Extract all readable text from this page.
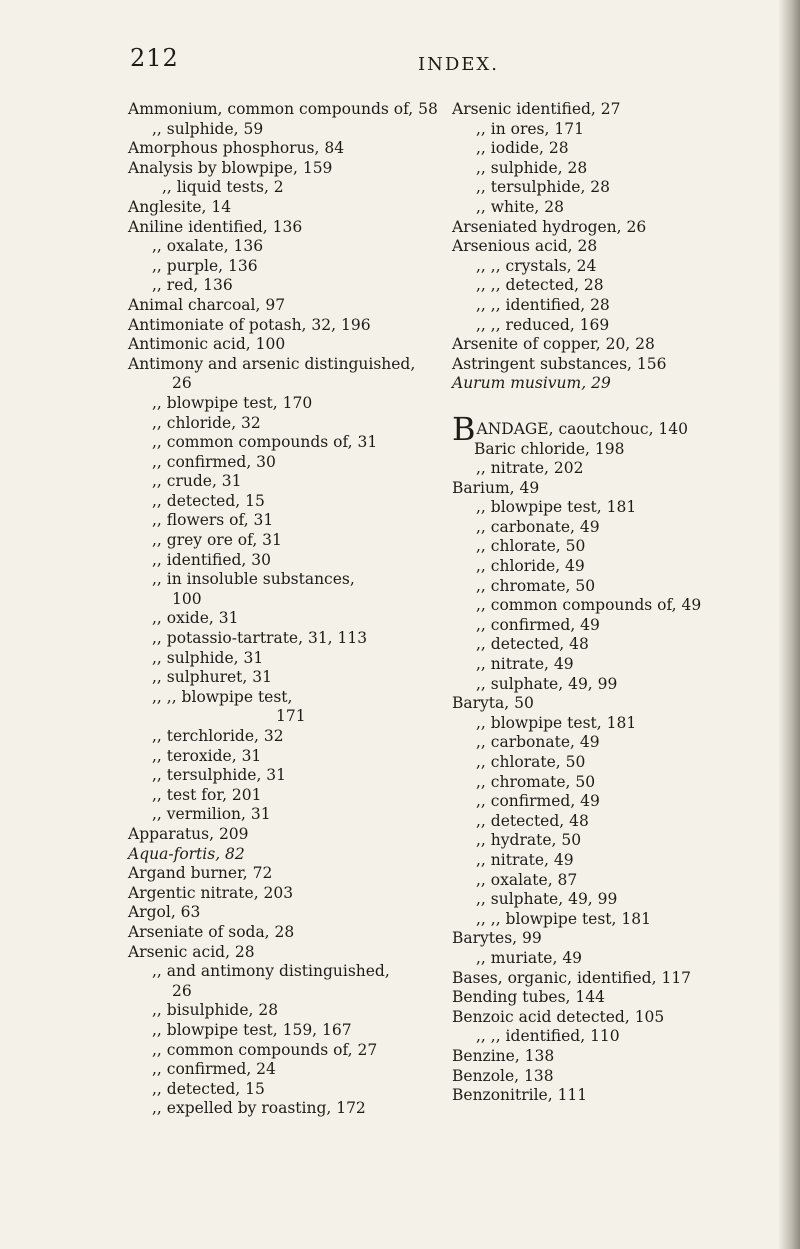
212	INDEX.
Ammonium, common compounds of, 58
,, sulphide, 59
Amorphous phosphorus, 84
Analysis by blowpipe, 159
,, liquid tests, 2
Anglesite, 14
Aniline identified, 136
,, oxalate, 136
,, purple, 136
,, red, 136
Animal charcoal, 97
Antimoniate of potash, 32, 196
Antimonic acid, 100
Antimony and arsenic distinguished,
26
,, blowpipe test, 170
,, chloride, 32
,, common compounds of, 31
,, confirmed, 30
,, crude, 31
,, detected, 15
,, flowers of, 31
,, grey ore of, 31
,, identified, 30
,, in insoluble substances,
100
,, oxide, 31
,, potassio-tartrate, 31, 113
,, sulphide, 31
,, sulphuret, 31
,, ,, blowpipe test,
171
,, terchloride, 32
,, teroxide, 31
,, tersulphide, 31
,, test for, 201
,, vermilion, 31
Apparatus, 209
Aqua-fortis, 82
Argand burner, 72
Argentic nitrate, 203
Argol, 63
Arseniate of soda, 28
Arsenic acid, 28
,, and antimony distinguished,
26
,, bisulphide, 28
,, blowpipe test, 159, 167
,, common compounds of, 27
,, confirmed, 24
,, detected, 15
,, expelled by roasting, 172
Arsenic identified, 27
,, in ores, 171
,, iodide, 28
,, sulphide, 28
,, tersulphide, 28
,, white, 28
Arseniated hydrogen, 26
Arsenious acid, 28
,, ,, crystals, 24
,, ,, detected, 28
,, ,, identified, 28
,, ,, reduced, 169
Arsenite of copper, 20, 28
Astringent substances, 156
Aurum musivum, 29
BANDAGE, caoutchouc, 140
Baric chloride, 198
,, nitrate, 202
Barium, 49
,, blowpipe test, 181
,, carbonate, 49
,, chlorate, 50
,, chloride, 49
,, chromate, 50
,, common compounds of, 49
,, confirmed, 49
,, detected, 48
,, nitrate, 49
,, sulphate, 49, 99
Baryta, 50
,, blowpipe test, 181
,, carbonate, 49
,, chlorate, 50
,, chromate, 50
,, confirmed, 49
,, detected, 48
,, hydrate, 50
,, nitrate, 49
,, oxalate, 87
,, sulphate, 49, 99
,, ,, blowpipe test, 181
Barytes, 99
,, muriate, 49
Bases, organic, identified, 117
Bending tubes, 144
Benzoic acid detected, 105
,, ,, identified, 110
Benzine, 138
Benzole, 138
Benzonitrile, 111
